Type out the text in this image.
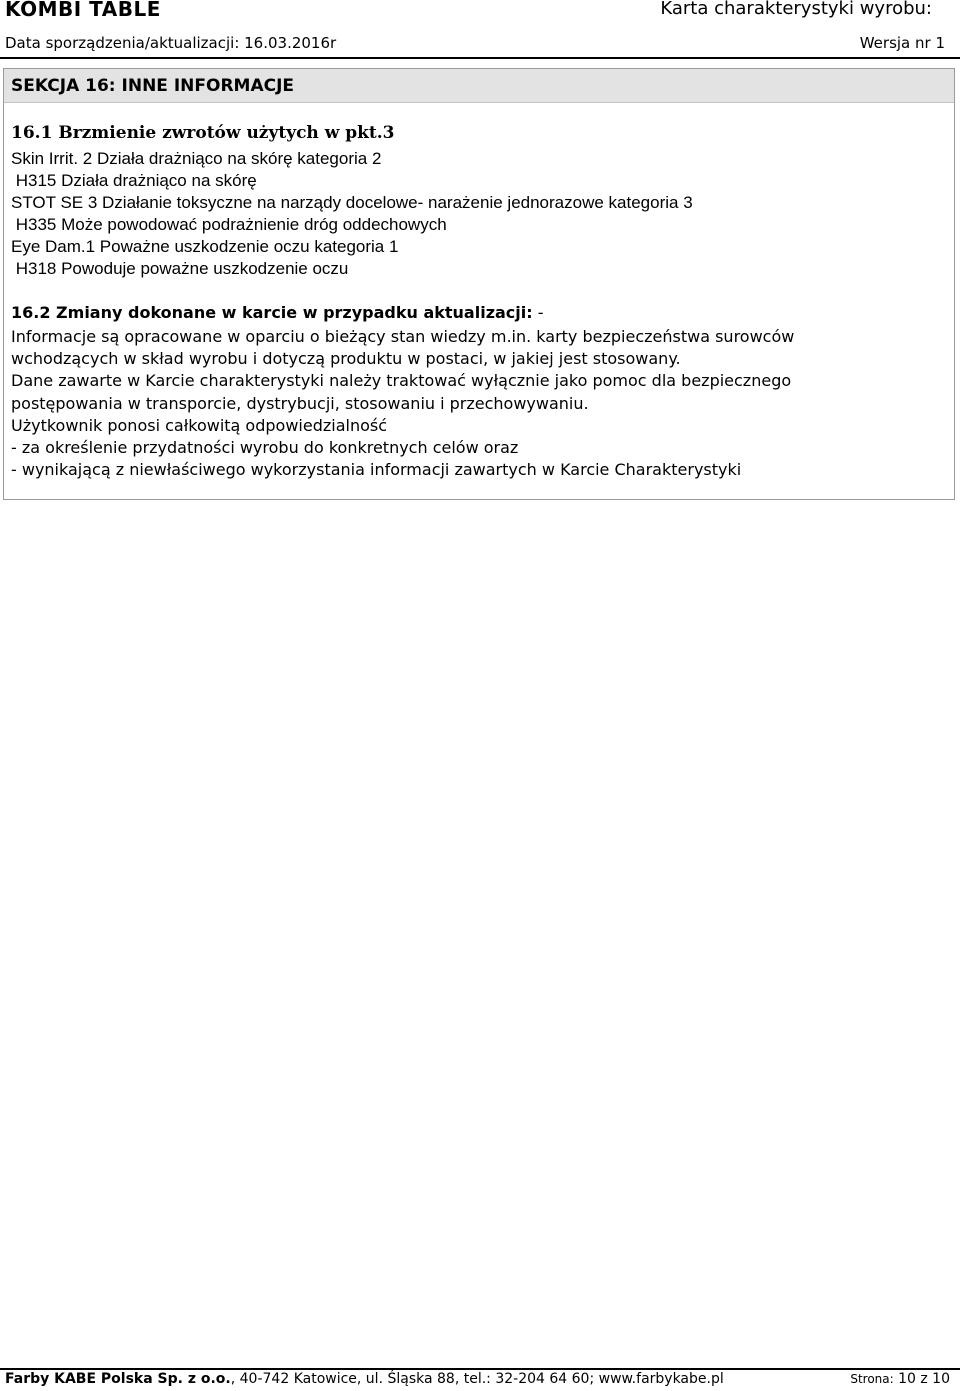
KOMBI TABLE	Karta charakterystyki wyrobu:
Data sporządzenia/aktualizacji: 16.03.2016r	Wersja nr 1
SEKCJA 16: INNE INFORMACJE
16.1 Brzmienie zwrotów użytych w pkt.3
Skin Irrit. 2 Działa drażniąco na skórę kategoria 2
H315 Działa drażniąco na skórę
STOT SE 3 Działanie toksyczne na narządy docelowe- narażenie jednorazowe kategoria 3
H335 Może powodować podrażnienie dróg oddechowych
Eye Dam.1 Poważne uszkodzenie oczu kategoria 1
H318 Powoduje poważne uszkodzenie oczu
16.2 Zmiany dokonane w karcie w przypadku aktualizacji: -
Informacje są opracowane w oparciu o bieżący stan wiedzy m.in. karty bezpieczeństwa surowców
wchodzących w skład wyrobu i dotyczą produktu w postaci, w jakiej jest stosowany.
Dane zawarte w Karcie charakterystyki należy traktować wyłącznie jako pomoc dla bezpiecznego
postępowania w transporcie, dystrybucji, stosowaniu i przechowywaniu.
Użytkownik ponosi całkowitą odpowiedzialność
- za określenie przydatności wyrobu do konkretnych celów oraz
- wynikającą z niewłaściwego wykorzystania informacji zawartych w Karcie Charakterystyki
Farby KABE Polska Sp. z o.o., 40-742 Katowice, ul. Śląska 88, tel.: 32-204 64 60; www.farbykabe.pl	Strona: 10 z 10
